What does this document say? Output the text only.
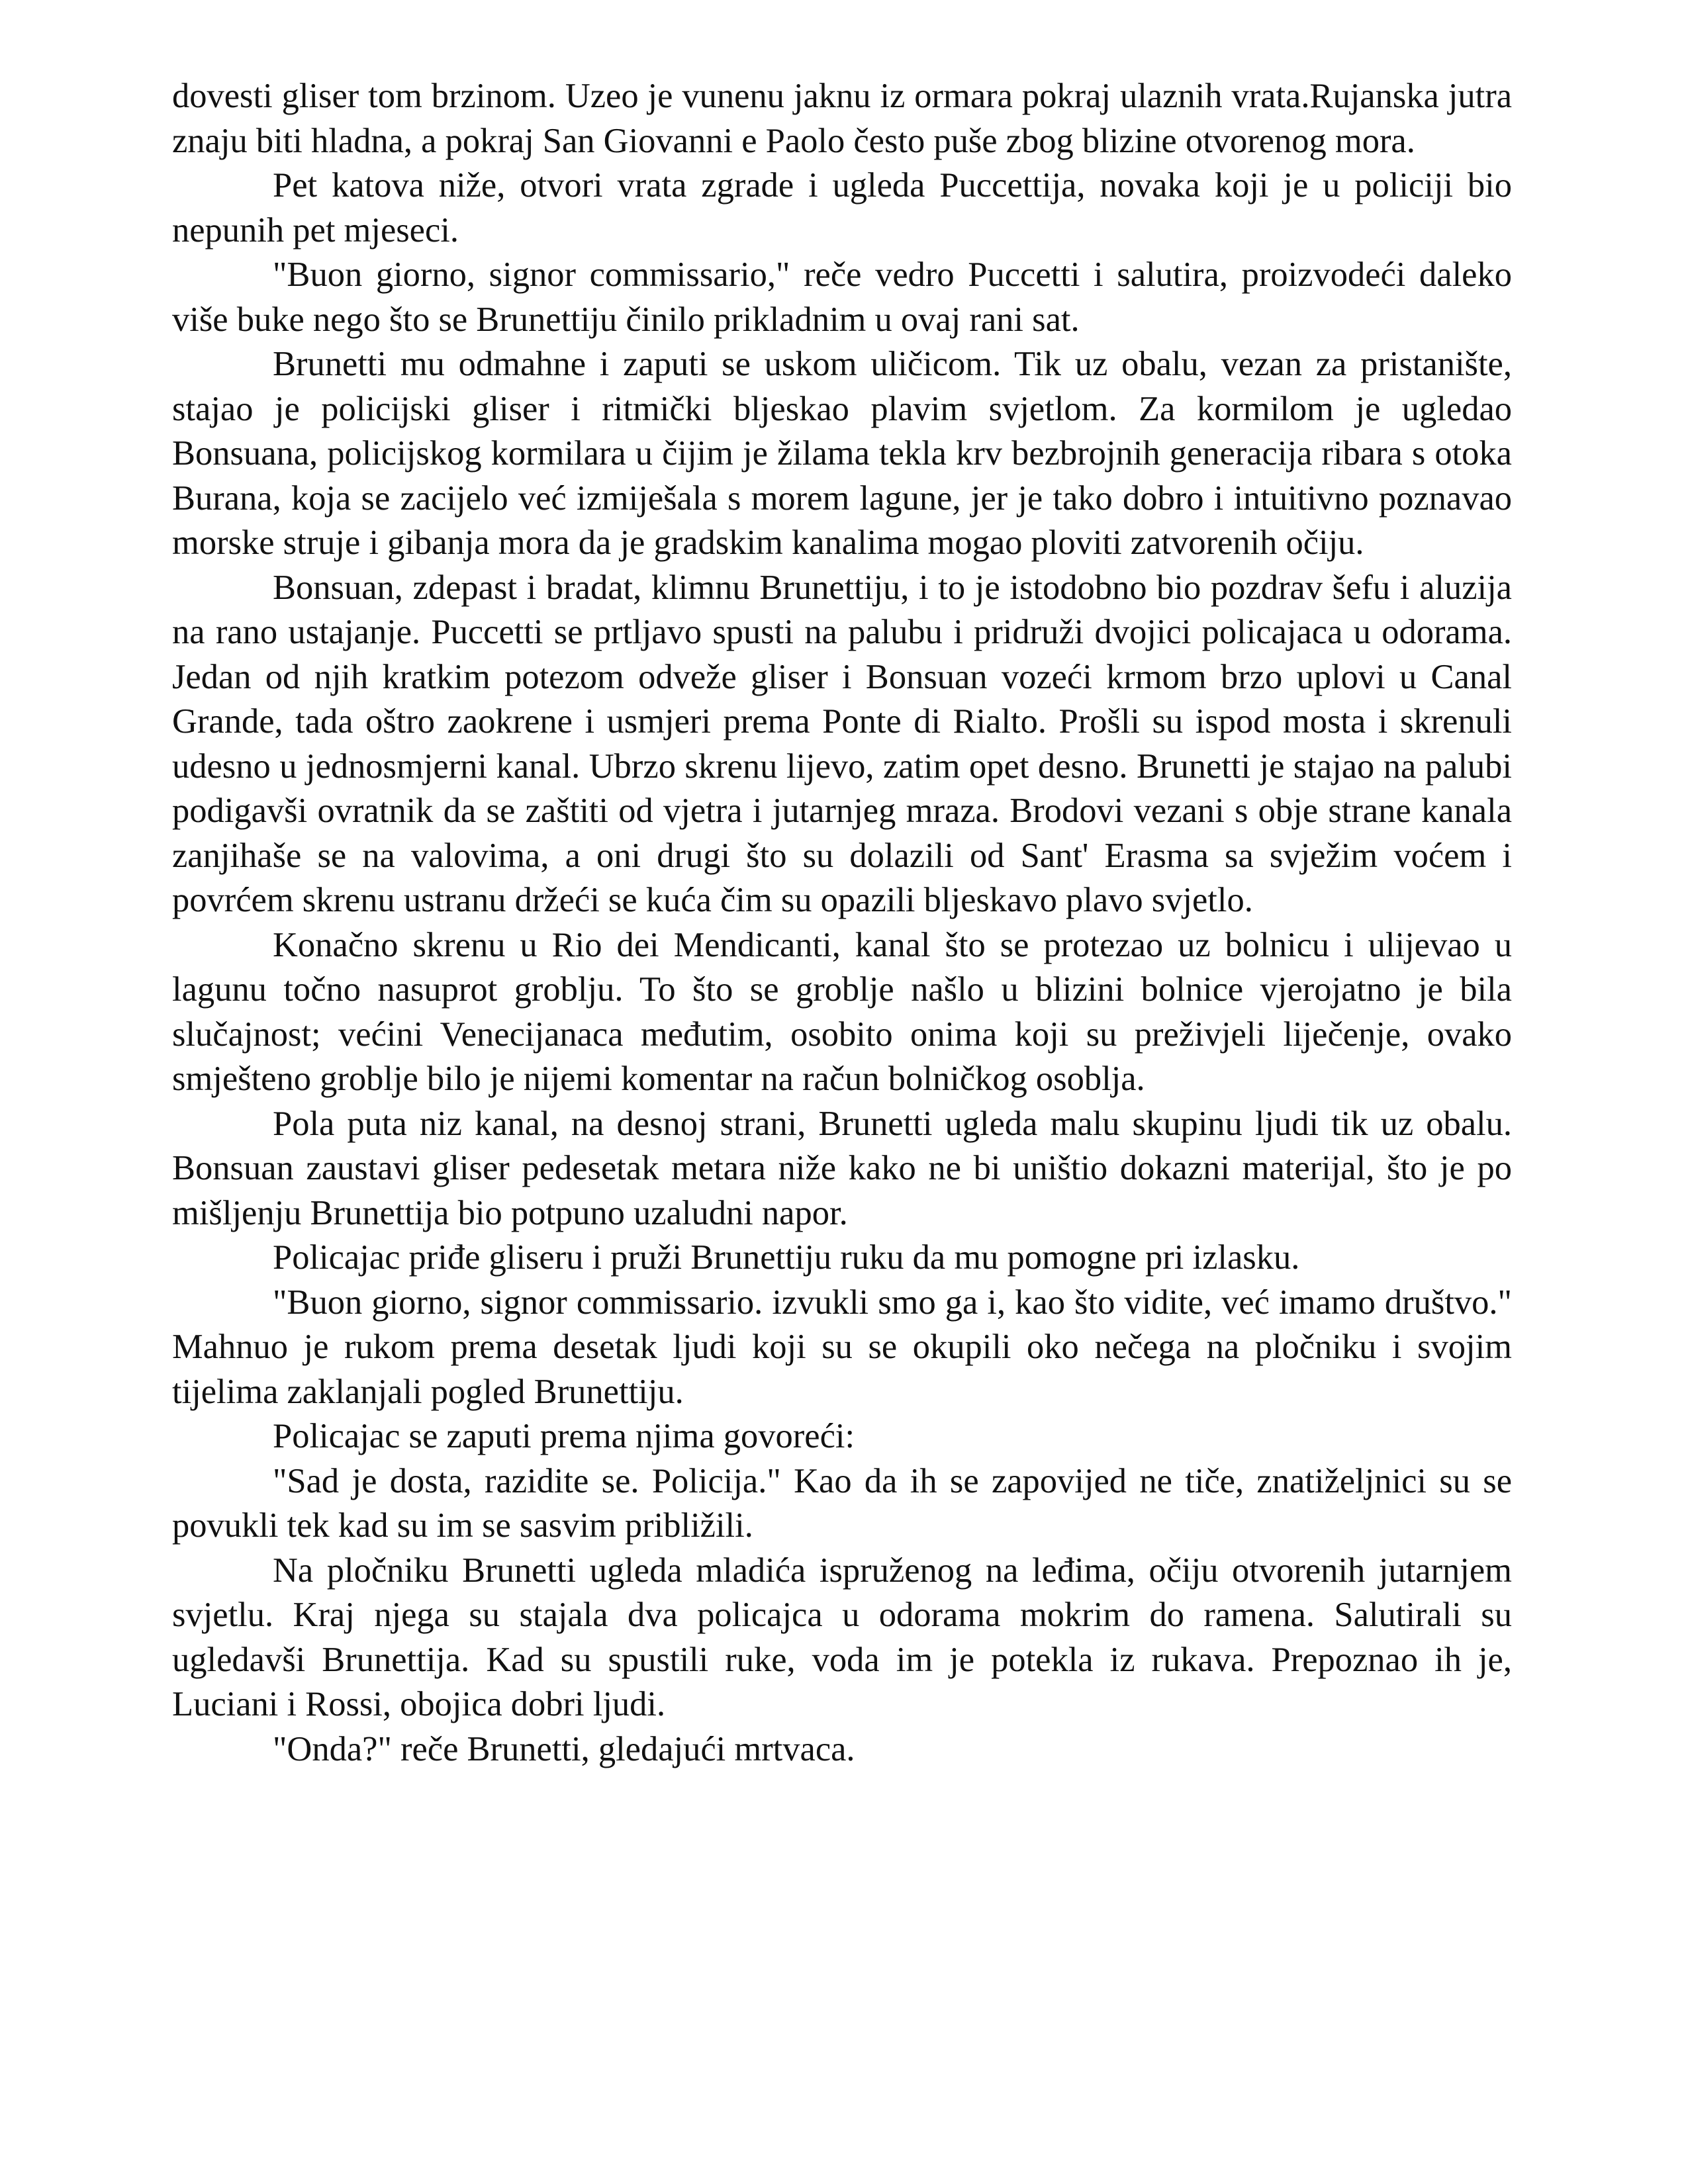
dovesti gliser tom brzinom. Uzeo je vunenu jaknu iz ormara pokraj ulaznih vrata.Rujanska jutra znaju biti hladna, a pokraj San Giovanni e Paolo često puše zbog blizine otvorenog mora.

Pet katova niže, otvori vrata zgrade i ugleda Puccettija, novaka koji je u policiji bio nepunih pet mjeseci.

"Buon giorno, signor commissario," reče vedro Puccetti i salutira, proizvodeći daleko više buke nego što se Brunettiju činilo prikladnim u ovaj rani sat.

Brunetti mu odmahne i zaputi se uskom uličicom. Tik uz obalu, vezan za pristanište, stajao je policijski gliser i ritmički bljeskao plavim svjetlom. Za kormilom je ugledao Bonsuana, policijskog kormilara u čijim je žilama tekla krv bezbrojnih generacija ribara s otoka Burana, koja se zacijelo već izmiješala s morem lagune, jer je tako dobro i intuitivno poznavao morske struje i gibanja mora da je gradskim kanalima mogao ploviti zatvorenih očiju.

Bonsuan, zdepast i bradat, klimnu Brunettiju, i to je istodobno bio pozdrav šefu i aluzija na rano ustajanje. Puccetti se prtljavo spusti na palubu i pridruži dvojici policajaca u odorama. Jedan od njih kratkim potezom odveže gliser i Bonsuan vozeći krmom brzo uplovi u Canal Grande, tada oštro zaokrene i usmjeri prema Ponte di Rialto. Prošli su ispod mosta i skrenuli udesno u jednosmjerni kanal. Ubrzo skrenu lijevo, zatim opet desno. Brunetti je stajao na palubi podigavši ovratnik da se zaštiti od vjetra i jutarnjeg mraza. Brodovi vezani s obje strane kanala zanjihaše se na valovima, a oni drugi što su dolazili od Sant' Erasma sa svježim voćem i povrćem skrenu ustranu držeći se kuća čim su opazili bljeskavo plavo svjetlo.

Konačno skrenu u Rio dei Mendicanti, kanal što se protezao uz bolnicu i ulijevao u lagunu točno nasuprot groblju. To što se groblje našlo u blizini bolnice vjerojatno je bila slučajnost; većini Venecijanaca međutim, osobito onima koji su preživjeli liječenje, ovako smješteno groblje bilo je nijemi komentar na račun bolničkog osoblja.

Pola puta niz kanal, na desnoj strani, Brunetti ugleda malu skupinu ljudi tik uz obalu. Bonsuan zaustavi gliser pedesetak metara niže kako ne bi uništio dokazni materijal, što je po mišljenju Brunettija bio potpuno uzaludni napor.

Policajac priđe gliseru i pruži Brunettiju ruku da mu pomogne pri izlasku.

"Buon giorno, signor commissario. izvukli smo ga i, kao što vidite, već imamo društvo." Mahnuo je rukom prema desetak ljudi koji su se okupili oko nečega na pločniku i svojim tijelima zaklanjali pogled Brunettiju.

Policajac se zaputi prema njima govoreći:

"Sad je dosta, razidite se. Policija." Kao da ih se zapovijed ne tiče, znatiželjnici su se povukli tek kad su im se sasvim približili.

Na pločniku Brunetti ugleda mladića ispruženog na leđima, očiju otvorenih jutarnjem svjetlu. Kraj njega su stajala dva policajca u odorama mokrim do ramena. Salutirali su ugledavši Brunettija. Kad su spustili ruke, voda im je potekla iz rukava. Prepoznao ih je, Luciani i Rossi, obojica dobri ljudi.

"Onda?" reče Brunetti, gledajući mrtvaca.
